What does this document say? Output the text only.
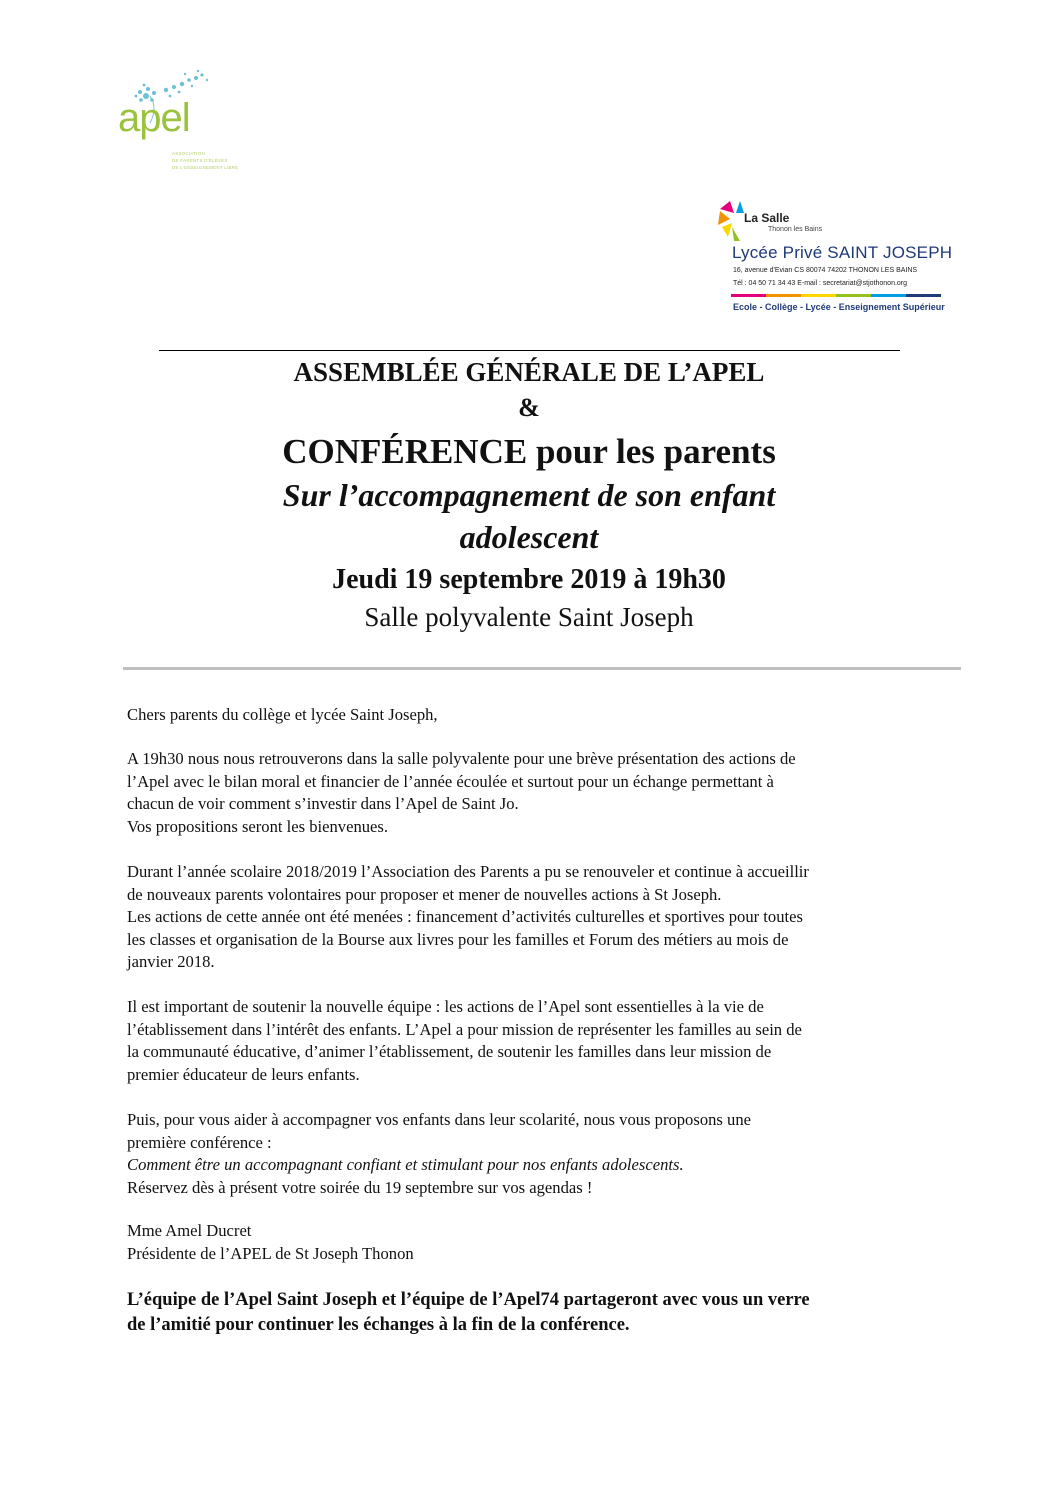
apel
ASSOCIATION
DE PARENTS D'ÉLÈVES
DE L'ENSEIGNEMENT LIBRE
La Salle
Thonon les Bains
Lycée Privé SAINT JOSEPH
16, avenue d'Evian CS 80074 74202 THONON LES BAINS
Tél : 04 50 71 34 43 E-mail : secretariat@stjothonon.org
Ecole - Collège - Lycée - Enseignement Supérieur
ASSEMBLÉE GÉNÉRALE DE L’APEL
&
CONFÉRENCE pour les parents
Sur l’accompagnement de son enfant
adolescent
Jeudi 19 septembre 2019 à 19h30
Salle polyvalente Saint Joseph
Chers parents du collège et lycée Saint Joseph,

A 19h30 nous nous retrouverons dans la salle polyvalente pour une brève présentation des actions de

l’Apel avec le bilan moral et financier de l’année écoulée et surtout pour un échange permettant à

chacun de voir comment s’investir dans l’Apel de Saint Jo.

Vos propositions seront les bienvenues.

Durant l’année scolaire 2018/2019 l’Association des Parents a pu se renouveler et continue à accueillir

de nouveaux parents volontaires pour proposer et mener de nouvelles actions à St Joseph.

Les actions de cette année ont été menées : financement d’activités culturelles et sportives pour toutes

les classes et organisation de la Bourse aux livres pour les familles et Forum des métiers au mois de

janvier 2018.

Il est important de soutenir la nouvelle équipe : les actions de l’Apel sont essentielles à la vie de

l’établissement dans l’intérêt des enfants. L’Apel a pour mission de représenter les familles au sein de

la communauté éducative, d’animer l’établissement, de soutenir les familles dans leur mission de

premier éducateur de leurs enfants.

Puis, pour vous aider à accompagner vos enfants dans leur scolarité, nous vous proposons une

première conférence :

Comment être un accompagnant confiant et stimulant pour nos enfants adolescents.

Réservez dès à présent votre soirée du 19 septembre sur vos agendas !

Mme Amel Ducret

Présidente de l’APEL de St Joseph Thonon

L’équipe de l’Apel Saint Joseph et l’équipe de l’Apel74 partageront avec vous un verre

de l’amitié pour continuer les échanges à la fin de la conférence.
